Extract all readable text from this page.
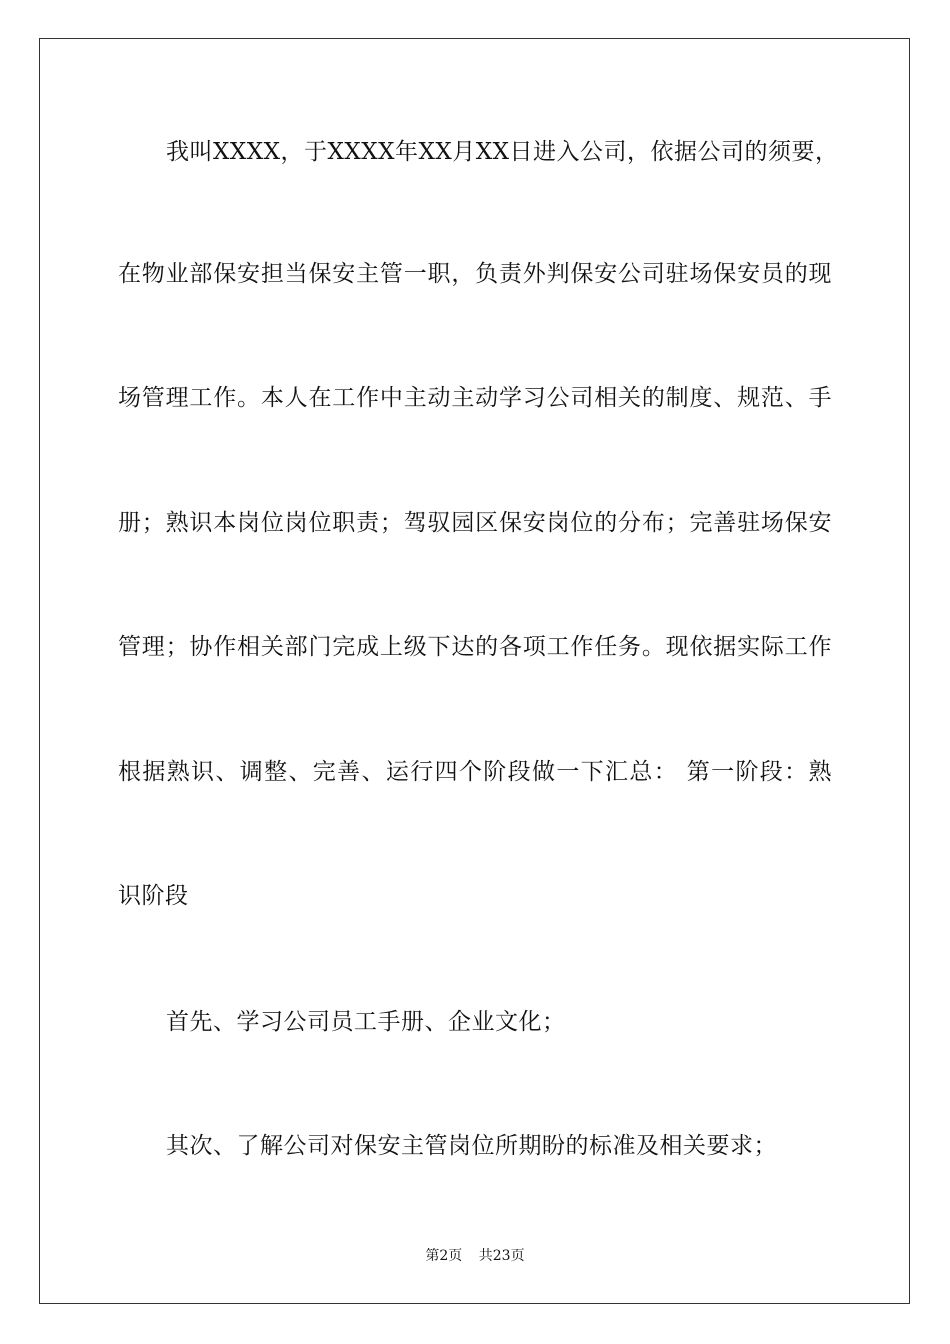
我叫XXXX，于XXXX年XX月XX日进入公司，依据公司的须要，
在物业部保安担当保安主管一职，负责外判保安公司驻场保安员的现
场管理工作。本人在工作中主动主动学习公司相关的制度、规范、手
册；熟识本岗位岗位职责；驾驭园区保安岗位的分布；完善驻场保安
管理；协作相关部门完成上级下达的各项工作任务。现依据实际工作
根据熟识、调整、完善、运行四个阶段做一下汇总： 第一阶段：熟
识阶段
首先、学习公司员工手册、企业文化；
其次、了解公司对保安主管岗位所期盼的标准及相关要求；
第2页 共23页
